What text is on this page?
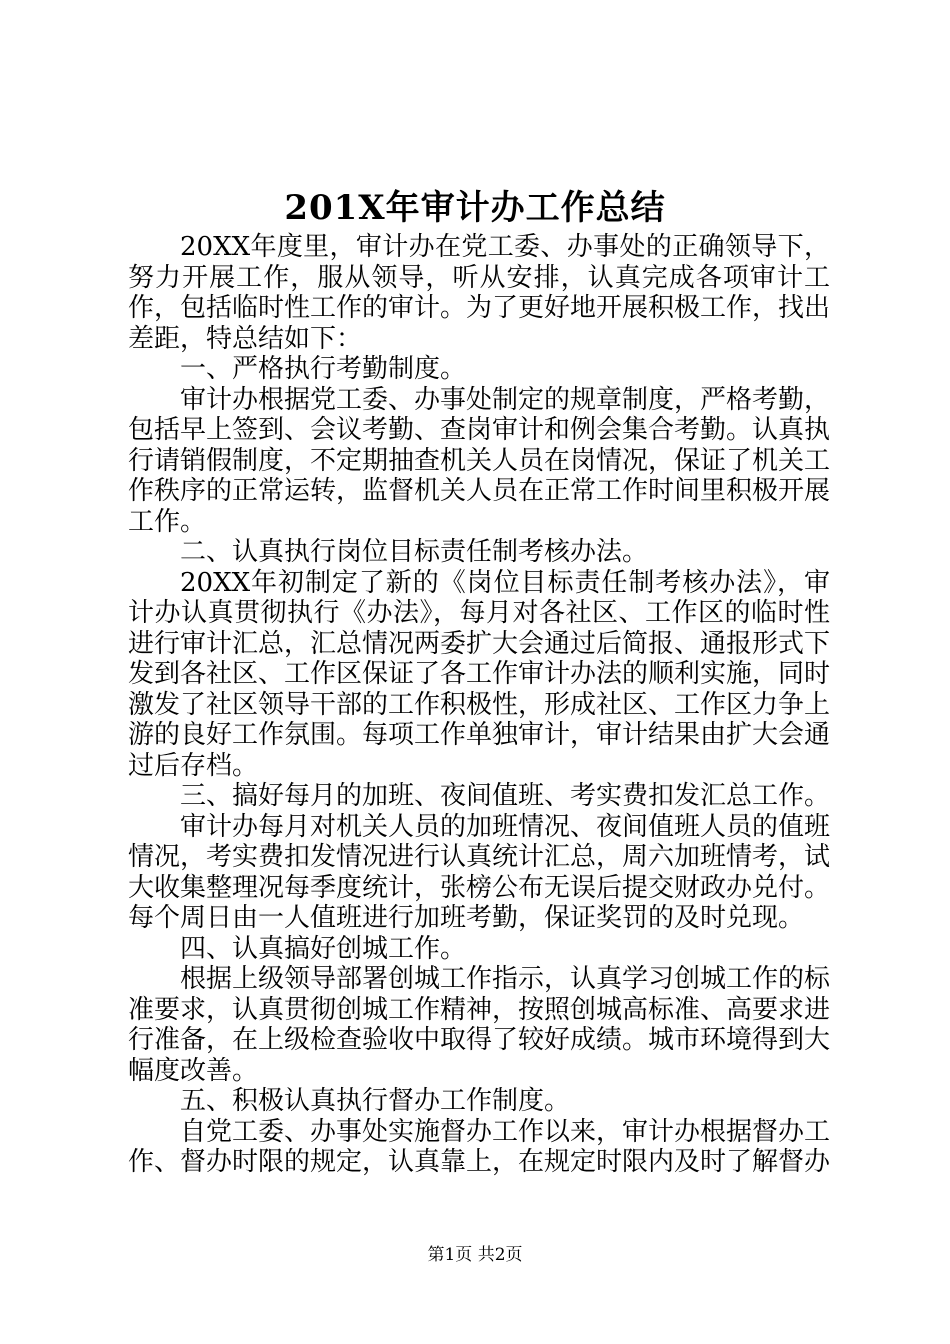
201X年审计办工作总结

20XX年度里，审计办在党工委、办事处的正确领导下，努力开展工作，服从领导，听从安排，认真完成各项审计工作，包括临时性工作的审计。为了更好地开展积极工作，找出差距，特总结如下：

一、严格执行考勤制度。

审计办根据党工委、办事处制定的规章制度，严格考勤，包括早上签到、会议考勤、查岗审计和例会集合考勤。认真执行请销假制度，不定期抽查机关人员在岗情况，保证了机关工作秩序的正常运转，监督机关人员在正常工作时间里积极开展工作。

二、认真执行岗位目标责任制考核办法。

20XX年初制定了新的《岗位目标责任制考核办法》，审计办认真贯彻执行《办法》，每月对各社区、工作区的临时性进行审计汇总，汇总情况两委扩大会通过后简报、通报形式下发到各社区、工作区保证了各工作审计办法的顺利实施，同时激发了社区领导干部的工作积极性，形成社区、工作区力争上游的良好工作氛围。每项工作单独审计，审计结果由扩大会通过后存档。

三、搞好每月的加班、夜间值班、考实费扣发汇总工作。

审计办每月对机关人员的加班情况、夜间值班人员的值班情况，考实费扣发情况进行认真统计汇总，周六加班情考，试大收集整理况每季度统计，张榜公布无误后提交财政办兑付。每个周日由一人值班进行加班考勤，保证奖罚的及时兑现。

四、认真搞好创城工作。

根据上级领导部署创城工作指示，认真学习创城工作的标准要求，认真贯彻创城工作精神，按照创城高标准、高要求进行准备，在上级检查验收中取得了较好成绩。城市环境得到大幅度改善。

五、积极认真执行督办工作制度。

自党工委、办事处实施督办工作以来，审计办根据督办工作、督办时限的规定，认真靠上，在规定时限内及时了解督办

第1页 共2页
